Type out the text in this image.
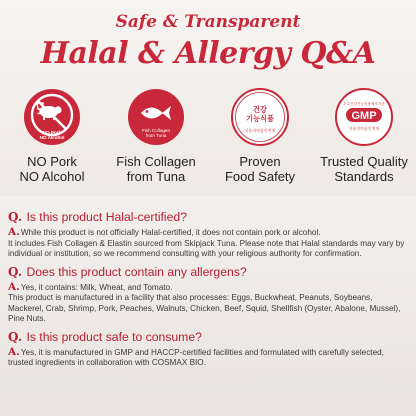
Safe & Transparent
Halal & Allergy Q&A
NO Pork
NO Alcohol
NO Pork
NO Alcohol
Fish Collagen
from Tuna
Fish Collagen
from Tuna
건강
기능식품
식품의약품안전처
Proven
Food Safety
우수건강기능식품제조기준
GMP
식품의약품안전처
Trusted Quality
Standards
Q. Is this product Halal-certified?
A.While this product is not officially Halal-certified, it does not contain pork or alcohol.
It includes Fish Collagen & Elastin sourced from Skipjack Tuna. Please note that Halal standards may vary by individual or institution, so we recommend consulting with your religious authority for confirmation.
Q. Does this product contain any allergens?
A.Yes, it contains: Milk, Wheat, and Tomato.
This product is manufactured in a facility that also processes: Eggs, Buckwheat, Peanuts, Soybeans, Mackerel, Crab, Shrimp, Pork, Peaches, Walnuts, Chicken, Beef, Squid, Shellfish (Oyster, Abalone, Mussel), Pine Nuts.
Q. Is this product safe to consume?
A.Yes, it is manufactured in GMP and HACCP-certified facilities and formulated with carefully selected, trusted ingredients in collaboration with COSMAX BIO.
